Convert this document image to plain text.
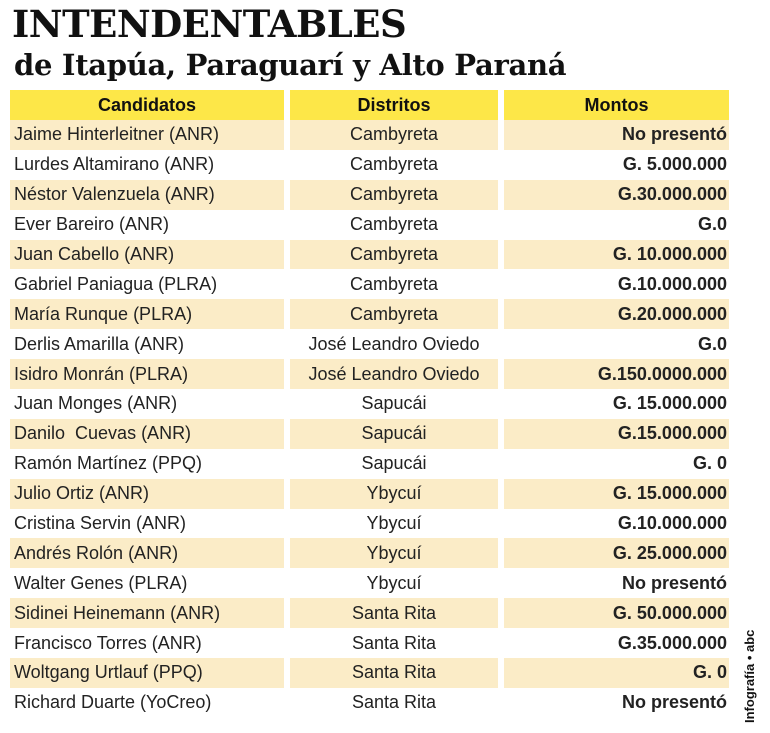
INTENDENTABLES
de Itapúa, Paraguarí y Alto Paraná
Candidatos	Distritos	Montos
Jaime Hinterleitner (ANR)	Cambyreta	No presentó
Lurdes Altamirano (ANR)	Cambyreta	G. 5.000.000
Néstor Valenzuela (ANR)	Cambyreta	G.30.000.000
Ever Bareiro (ANR)	Cambyreta	G.0
Juan Cabello (ANR)	Cambyreta	G. 10.000.000
Gabriel Paniagua (PLRA)	Cambyreta	G.10.000.000
María Runque (PLRA)	Cambyreta	G.20.000.000
Derlis Amarilla (ANR)	José Leandro Oviedo	G.0
Isidro Monrán (PLRA)	José Leandro Oviedo	G.150.0000.000
Juan Monges (ANR)	Sapucái	G. 15.000.000
Danilo  Cuevas (ANR)	Sapucái	G.15.000.000
Ramón Martínez (PPQ)	Sapucái	G. 0
Julio Ortiz (ANR)	Ybycuí	G. 15.000.000
Cristina Servin (ANR)	Ybycuí	G.10.000.000
Andrés Rolón (ANR)	Ybycuí	G. 25.000.000
Walter Genes (PLRA)	Ybycuí	No presentó
Sidinei Heinemann (ANR)	Santa Rita	G. 50.000.000
Francisco Torres (ANR)	Santa Rita	G.35.000.000
Woltgang Urtlauf (PPQ)	Santa Rita	G. 0
Richard Duarte (YoCreo)	Santa Rita	No presentó Infografía • abc
